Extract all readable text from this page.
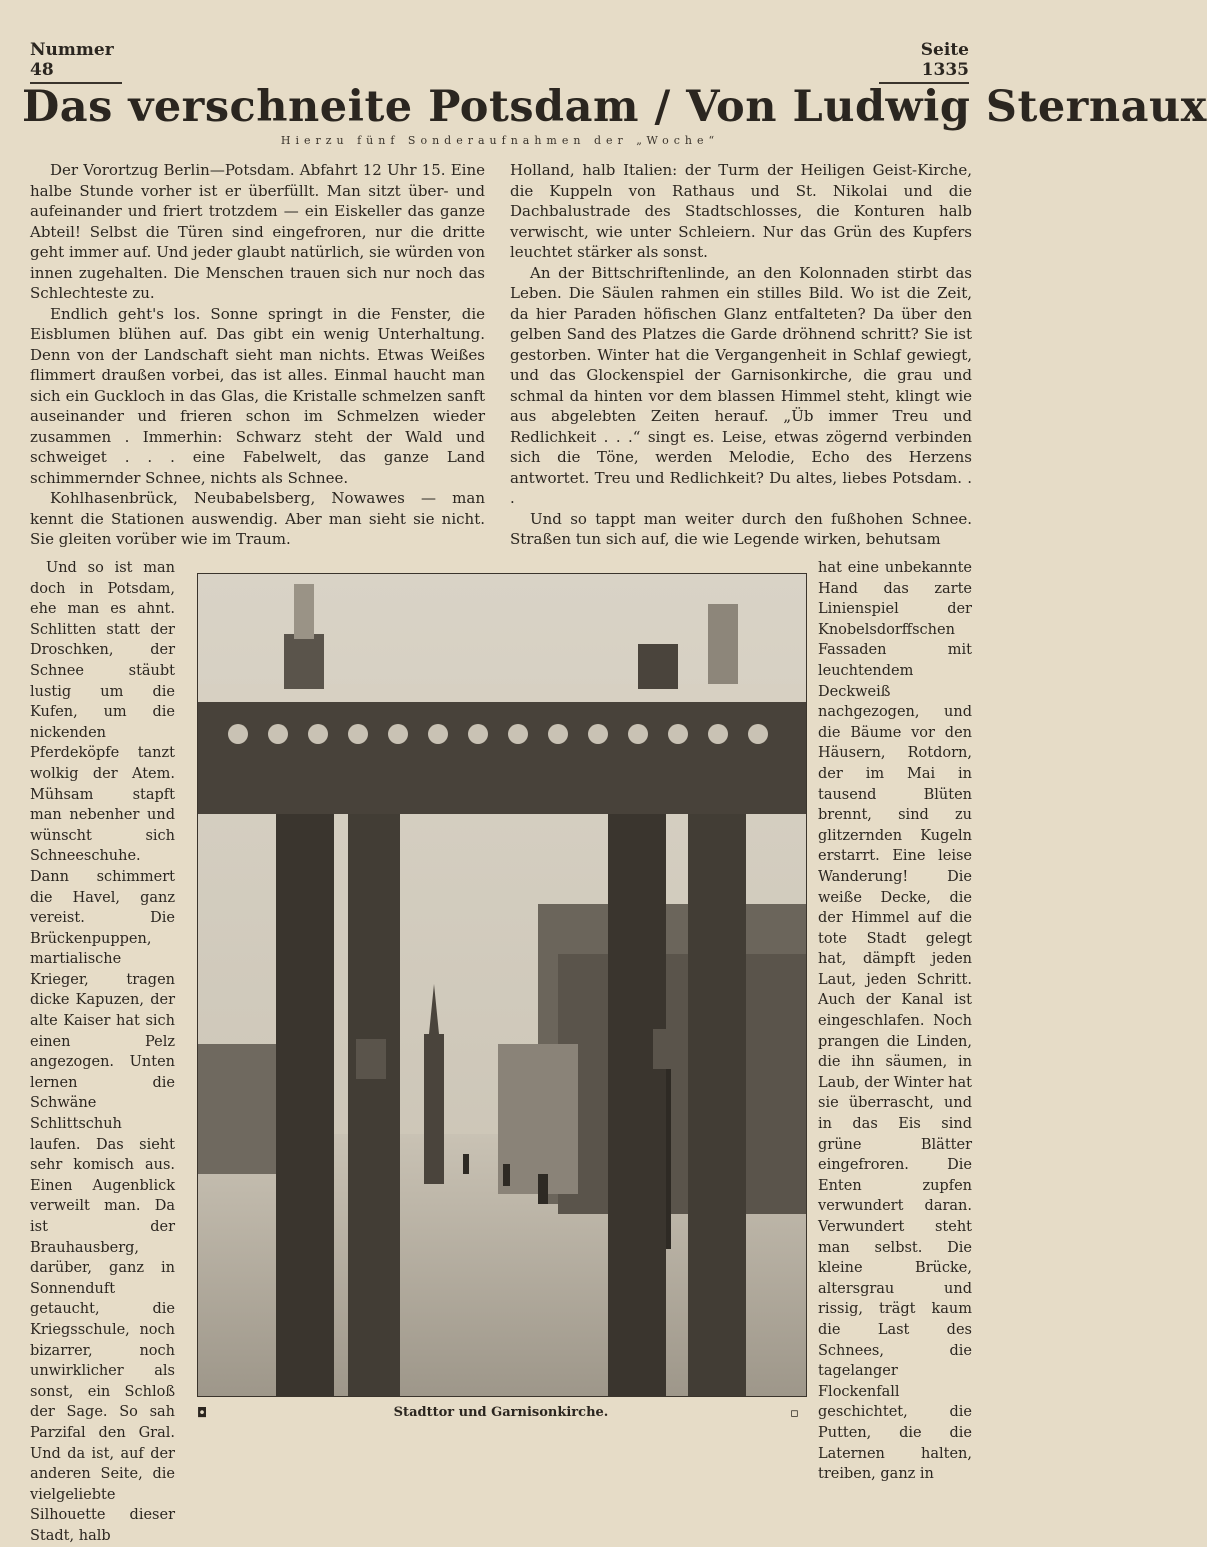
Nummer 48
Seite 1335
Das verschneite Potsdam / Von Ludwig Sternaux
Hierzu fünf Sonderaufnahmen der „Woche“

Der Vorortzug Berlin—Potsdam. Abfahrt 12 Uhr 15. Eine halbe Stunde vorher ist er überfüllt. Man sitzt über- und aufeinander und friert trotzdem — ein Eiskeller das ganze Abteil! Selbst die Türen sind eingefroren, nur die dritte geht immer auf. Und jeder glaubt natürlich, sie würden von innen zugehalten. Die Menschen trauen sich nur noch das Schlechteste zu.

Endlich geht's los. Sonne springt in die Fenster, die Eisblumen blühen auf. Das gibt ein wenig Unterhaltung. Denn von der Landschaft sieht man nichts. Etwas Weißes flimmert draußen vorbei, das ist alles. Einmal haucht man sich ein Guckloch in das Glas, die Kristalle schmelzen sanft auseinander und frieren schon im Schmelzen wieder zusammen . Immerhin: Schwarz steht der Wald und schweiget . . . eine Fabelwelt, das ganze Land schimmernder Schnee, nichts als Schnee.

Kohlhasenbrück, Neubabelsberg, Nowawes — man kennt die Stationen auswendig. Aber man sieht sie nicht. Sie gleiten vorüber wie im Traum.

Holland, halb Italien: der Turm der Heiligen Geist-Kirche, die Kuppeln von Rathaus und St. Nikolai und die Dachbalustrade des Stadtschlosses, die Konturen halb verwischt, wie unter Schleiern. Nur das Grün des Kupfers leuchtet stärker als sonst.

An der Bittschriftenlinde, an den Kolonnaden stirbt das Leben. Die Säulen rahmen ein stilles Bild. Wo ist die Zeit, da hier Paraden höfischen Glanz entfalteten? Da über den gelben Sand des Platzes die Garde dröhnend schritt? Sie ist gestorben. Winter hat die Vergangenheit in Schlaf gewiegt, und das Glockenspiel der Garnisonkirche, die grau und schmal da hinten vor dem blassen Himmel steht, klingt wie aus abgelebten Zeiten herauf. „Üb immer Treu und Redlichkeit . . .“ singt es. Leise, etwas zögernd verbinden sich die Töne, werden Melodie, Echo des Herzens antwortet. Treu und Redlichkeit? Du altes, liebes Potsdam. . .

Und so tappt man weiter durch den fußhohen Schnee. Straßen tun sich auf, die wie Legende wirken, behutsam

Und so ist man doch in Potsdam, ehe man es ahnt. Schlitten statt der Droschken, der Schnee stäubt lustig um die Kufen, um die nickenden Pferdeköpfe tanzt wolkig der Atem. Mühsam stapft man nebenher und wünscht sich Schneeschuhe. Dann schimmert die Havel, ganz vereist. Die Brückenpuppen, martialische Krieger, tragen dicke Kapuzen, der alte Kaiser hat sich einen Pelz angezogen. Unten lernen die Schwäne Schlittschuh laufen. Das sieht sehr komisch aus. Einen Augenblick verweilt man. Da ist der Brauhausberg, darüber, ganz in Sonnenduft getaucht, die Kriegsschule, noch bizarrer, noch unwirklicher als sonst, ein Schloß der Sage. So sah Parzifal den Gral. Und da ist, auf der anderen Seite, die vielgeliebte Silhouette dieser Stadt, halb

hat eine unbekannte Hand das zarte Linienspiel der Knobelsdorffschen Fassaden mit leuchtendem Deckweiß nachgezogen, und die Bäume vor den Häusern, Rotdorn, der im Mai in tausend Blüten brennt, sind zu glitzernden Kugeln erstarrt. Eine leise Wanderung! Die weiße Decke, die der Himmel auf die tote Stadt gelegt hat, dämpft jeden Laut, jeden Schritt. Auch der Kanal ist eingeschlafen. Noch prangen die Linden, die ihn säumen, in Laub, der Winter hat sie überrascht, und in das Eis sind grüne Blätter eingefroren. Die Enten zupfen verwundert daran. Verwundert steht man selbst. Die kleine Brücke, altersgrau und rissig, trägt kaum die Last des Schnees, die tagelanger Flockenfall geschichtet, die Putten, die die Laternen halten, treiben, ganz in

◘	Stadttor und Garnisonkirche.	▫
